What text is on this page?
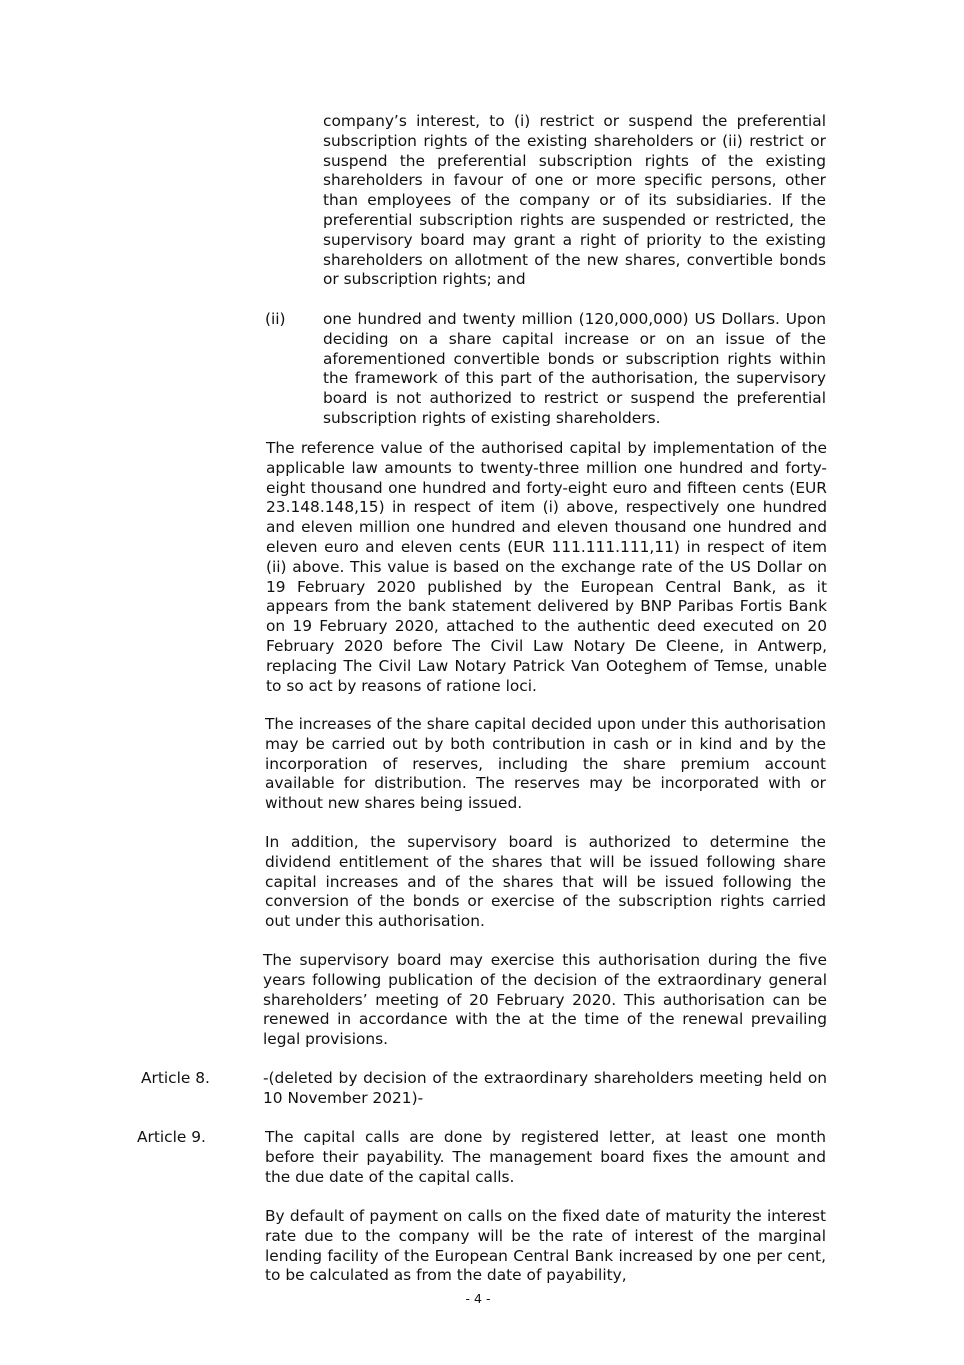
company’s interest, to (i) restrict or suspend the preferential subscription rights of the existing shareholders or (ii) restrict or suspend the preferential subscription rights of the existing shareholders in favour of one or more specific persons, other than employees of the company or of its subsidiaries. If the preferential subscription rights are suspended or restricted, the supervisory board may grant a right of priority to the existing shareholders on allotment of the new shares, convertible bonds or subscription rights; and

(ii) one hundred and twenty million (120,000,000) US Dollars. Upon deciding on a share capital increase or on an issue of the aforementioned convertible bonds or subscription rights within the framework of this part of the authorisation, the supervisory board is not authorized to restrict or suspend the preferential subscription rights of existing shareholders.

The reference value of the authorised capital by implementation of the applicable law amounts to twenty-three million one hundred and forty-eight thousand one hundred and forty-eight euro and fifteen cents (EUR 23.148.148,15) in respect of item (i) above, respectively one hundred and eleven million one hundred and eleven thousand one hundred and eleven euro and eleven cents (EUR 111.111.111,11) in respect of item (ii) above. This value is based on the exchange rate of the US Dollar on 19 February 2020 published by the European Central Bank, as it appears from the bank statement delivered by BNP Paribas Fortis Bank on 19 February 2020, attached to the authentic deed executed on 20 February 2020 before The Civil Law Notary De Cleene, in Antwerp, replacing The Civil Law Notary Patrick Van Ooteghem of Temse, unable to so act by reasons of ratione loci.

The increases of the share capital decided upon under this authorisation may be carried out by both contribution in cash or in kind and by the incorporation of reserves, including the share premium account available for distribution. The reserves may be incorporated with or without new shares being issued.

In addition, the supervisory board is authorized to determine the dividend entitlement of the shares that will be issued following share capital increases and of the shares that will be issued following the conversion of the bonds or exercise of the subscription rights carried out under this authorisation.

The supervisory board may exercise this authorisation during the five years following publication of the decision of the extraordinary general shareholders’ meeting of 20 February 2020. This authorisation can be renewed in accordance with the at the time of the renewal prevailing legal provisions.

Article 8.	-(deleted by decision of the extraordinary shareholders meeting held on 10 November 2021)-

Article 9.	The capital calls are done by registered letter, at least one month before their payability. The management board fixes the amount and the due date of the capital calls.

By default of payment on calls on the fixed date of maturity the interest rate due to the company will be the rate of interest of the marginal lending facility of the European Central Bank increased by one per cent, to be calculated as from the date of payability,

- 4 -
